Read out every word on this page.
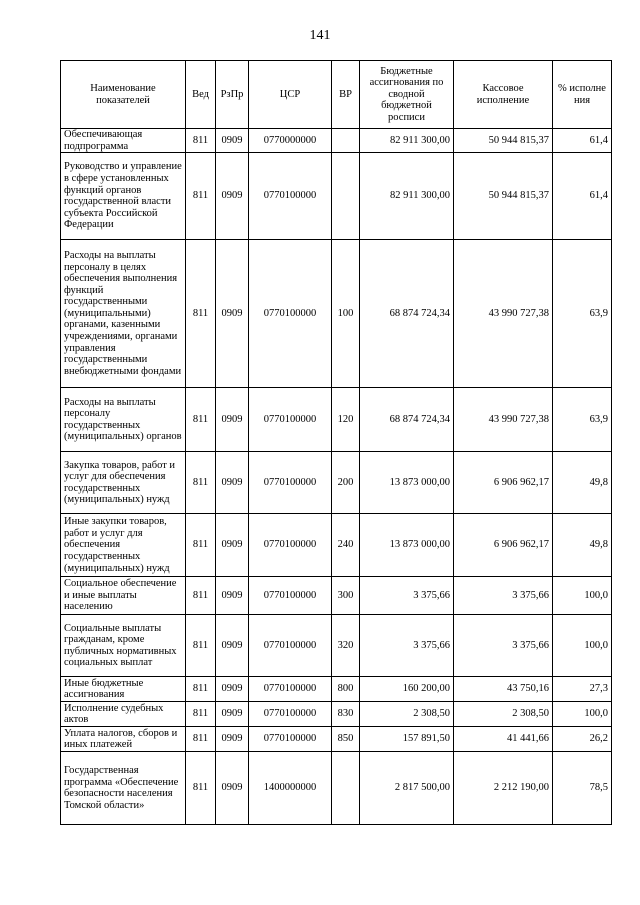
141
Наименование показателей	Вед	РзПр	ЦСР	ВР	Бюджетные ассигнования по сводной бюджетной росписи	Кассовое исполнение	% исполне ния
Обеспечивающая подпрограмма	811	0909	0770000000		82 911 300,00	50 944 815,37	61,4
Руководство и управление в сфере установленных функций органов государственной власти субъекта Российской Федерации	811	0909	0770100000		82 911 300,00	50 944 815,37	61,4
Расходы на выплаты персоналу в целях обеспечения выполнения функций государственными (муниципальными) органами, казенными учреждениями, органами управления государственными внебюджетными фондами	811	0909	0770100000	100	68 874 724,34	43 990 727,38	63,9
Расходы на выплаты персоналу государственных (муниципальных) органов	811	0909	0770100000	120	68 874 724,34	43 990 727,38	63,9
Закупка товаров, работ и услуг для обеспечения государственных (муниципальных) нужд	811	0909	0770100000	200	13 873 000,00	6 906 962,17	49,8
Иные закупки товаров, работ и услуг для обеспечения государственных (муниципальных) нужд	811	0909	0770100000	240	13 873 000,00	6 906 962,17	49,8
Социальное обеспечение и иные выплаты населению	811	0909	0770100000	300	3 375,66	3 375,66	100,0
Социальные выплаты гражданам, кроме публичных нормативных социальных выплат	811	0909	0770100000	320	3 375,66	3 375,66	100,0
Иные бюджетные ассигнования	811	0909	0770100000	800	160 200,00	43 750,16	27,3
Исполнение судебных актов	811	0909	0770100000	830	2 308,50	2 308,50	100,0
Уплата налогов, сборов и иных платежей	811	0909	0770100000	850	157 891,50	41 441,66	26,2
Государственная программа «Обеспечение безопасности населения Томской области»	811	0909	1400000000		2 817 500,00	2 212 190,00	78,5
